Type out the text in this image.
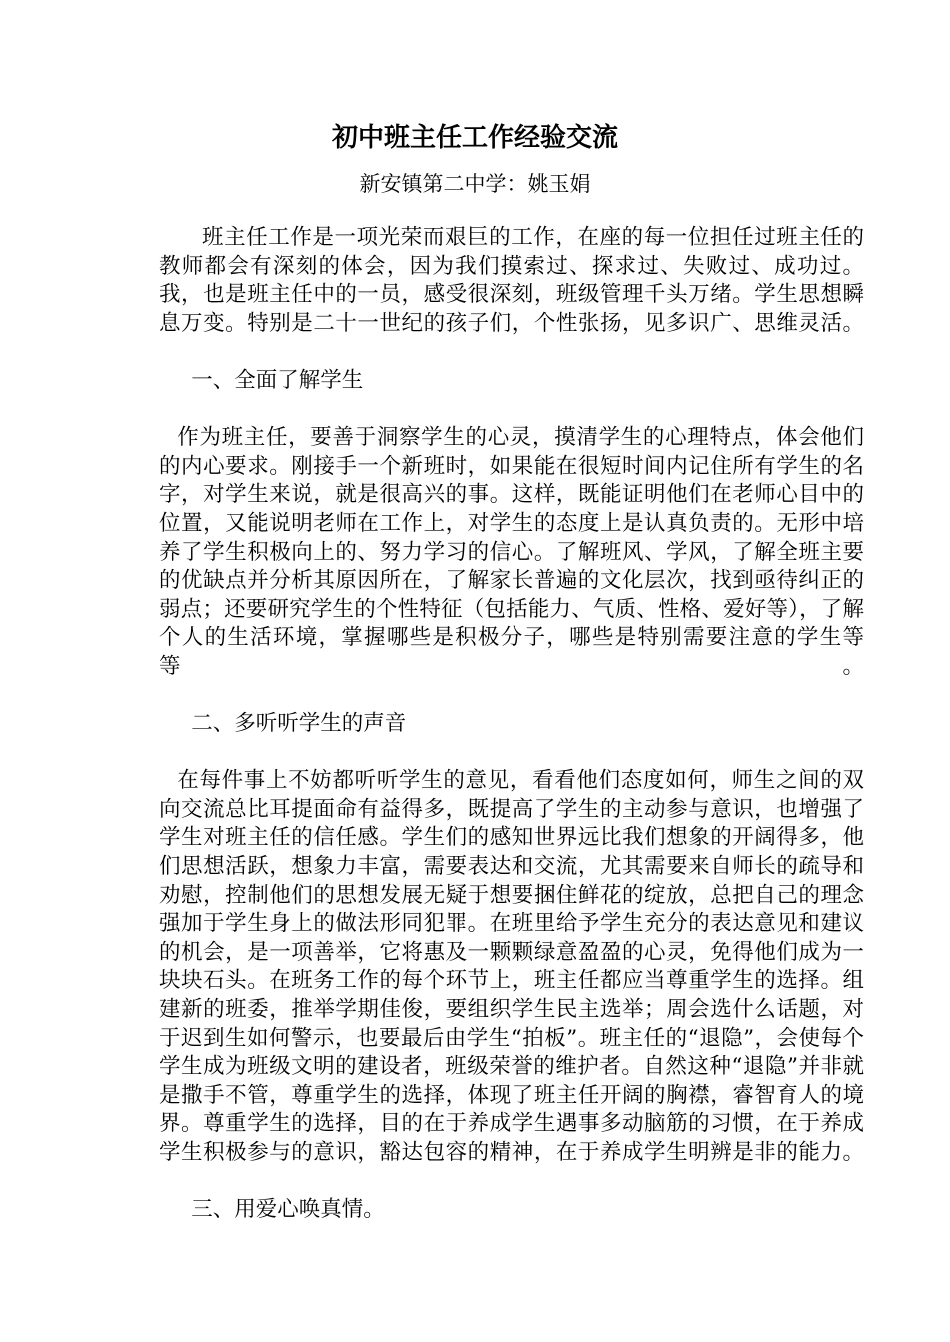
初中班主任工作经验交流
新安镇第二中学：姚玉娟

班主任工作是一项光荣而艰巨的工作，在座的每一位担任过班主任的教师都会有深刻的体会，因为我们摸索过、探求过、失败过、成功过。我，也是班主任中的一员，感受很深刻，班级管理千头万绪。学生思想瞬息万变。特别是二十一世纪的孩子们，个性张扬，见多识广、思维灵活。

一、全面了解学生

作为班主任，要善于洞察学生的心灵，摸清学生的心理特点，体会他们的内心要求。刚接手一个新班时，如果能在很短时间内记住所有学生的名字，对学生来说，就是很高兴的事。这样，既能证明他们在老师心目中的位置，又能说明老师在工作上，对学生的态度上是认真负责的。无形中培养了学生积极向上的、努力学习的信心。了解班风、学风，了解全班主要的优缺点并分析其原因所在，了解家长普遍的文化层次，找到亟待纠正的弱点；还要研究学生的个性特征（包括能力、气质、性格、爱好等），了解个人的生活环境，掌握哪些是积极分子，哪些是特别需要注意的学生等等。

二、多听听学生的声音

在每件事上不妨都听听学生的意见，看看他们态度如何，师生之间的双向交流总比耳提面命有益得多，既提高了学生的主动参与意识，也增强了学生对班主任的信任感。学生们的感知世界远比我们想象的开阔得多，他们思想活跃，想象力丰富，需要表达和交流，尤其需要来自师长的疏导和劝慰，控制他们的思想发展无疑于想要捆住鲜花的绽放，总把自己的理念强加于学生身上的做法形同犯罪。在班里给予学生充分的表达意见和建议的机会，是一项善举，它将惠及一颗颗绿意盈盈的心灵，免得他们成为一块块石头。在班务工作的每个环节上，班主任都应当尊重学生的选择。组建新的班委，推举学期佳俊，要组织学生民主选举；周会选什么话题，对于迟到生如何警示，也要最后由学生“拍板”。班主任的“退隐”，会使每个学生成为班级文明的建设者，班级荣誉的维护者。自然这种“退隐”并非就是撒手不管，尊重学生的选择，体现了班主任开阔的胸襟，睿智育人的境界。尊重学生的选择，目的在于养成学生遇事多动脑筋的习惯，在于养成学生积极参与的意识，豁达包容的精神，在于养成学生明辨是非的能力。

三、用爱心唤真情。
